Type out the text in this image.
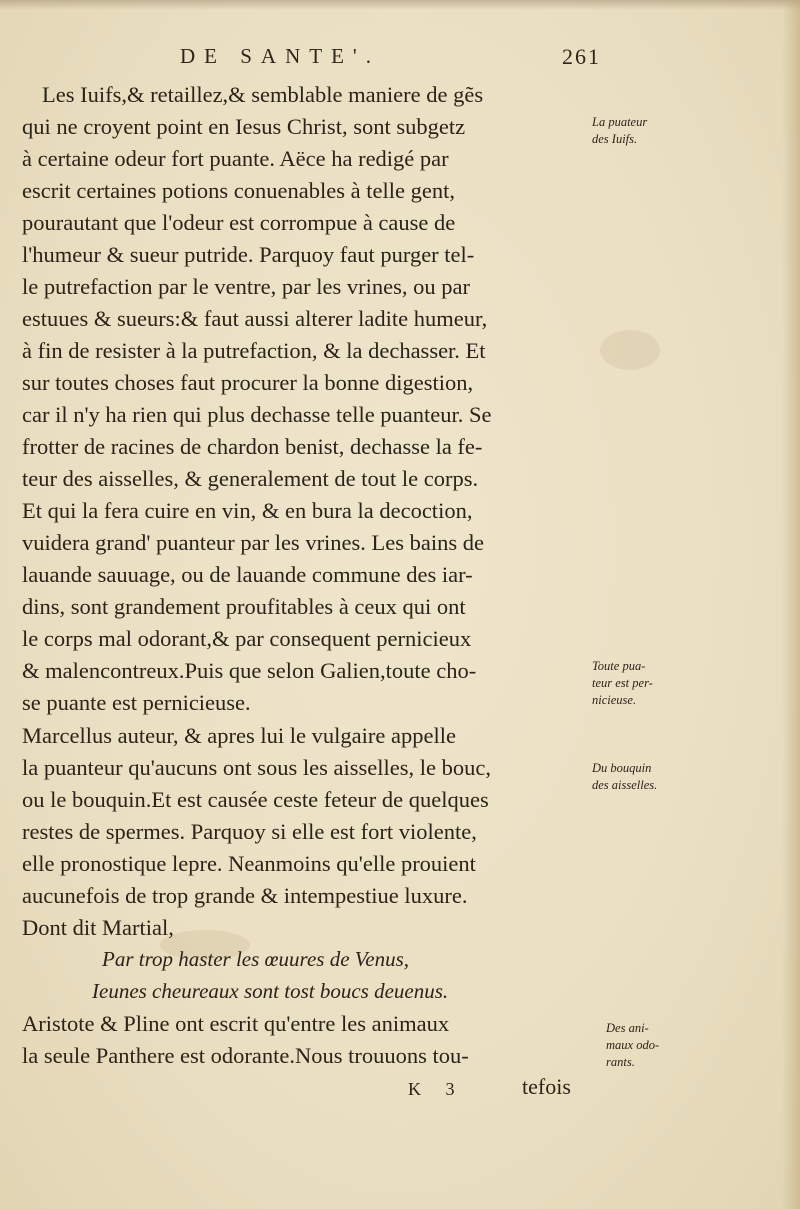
DE SANTE'.	261
Les Iuifs,& retaillez,& semblable maniere de gẽs
qui ne croyent point en Iesus Christ, sont subgetz
à certaine odeur fort puante. Aëce ha redigé par
escrit certaines potions conuenables à telle gent,
pourautant que l'odeur est corrompue à cause de
l'humeur & sueur putride. Parquoy faut purger tel-
le putrefaction par le ventre, par les vrines, ou par
estuues & sueurs:& faut aussi alterer ladite humeur,
à fin de resister à la putrefaction, & la dechasser. Et
sur toutes choses faut procurer la bonne digestion,
car il n'y ha rien qui plus dechasse telle puanteur. Se
frotter de racines de chardon benist, dechasse la fe-
teur des aisselles, & generalement de tout le corps.
Et qui la fera cuire en vin, & en bura la decoction,
vuidera grand' puanteur par les vrines. Les bains de
lauande sauuage, ou de lauande commune des iar-
dins, sont grandement proufitables à ceux qui ont
le corps mal odorant,& par consequent pernicieux
& malencontreux.Puis que selon Galien,toute cho-
se puante est pernicieuse.
Marcellus auteur, & apres lui le vulgaire appelle
la puanteur qu'aucuns ont sous les aisselles, le bouc,
ou le bouquin.Et est causée ceste feteur de quelques
restes de spermes. Parquoy si elle est fort violente,
elle pronostique lepre. Neanmoins qu'elle prouient
aucunefois de trop grande & intempestiue luxure.
Dont dit Martial,
Par trop haster les œuures de Venus,
Ieunes cheureaux sont tost boucs deuenus.
Aristote & Pline ont escrit qu'entre les animaux
la seule Panthere est odorante.Nous trouuons tou-
La puateur
des Iuifs.
Toute pua-
teur est per-
nicieuse.
Du bouquin
des aisselles.
Des ani-
maux odo-
rants.
K 3	tefois
